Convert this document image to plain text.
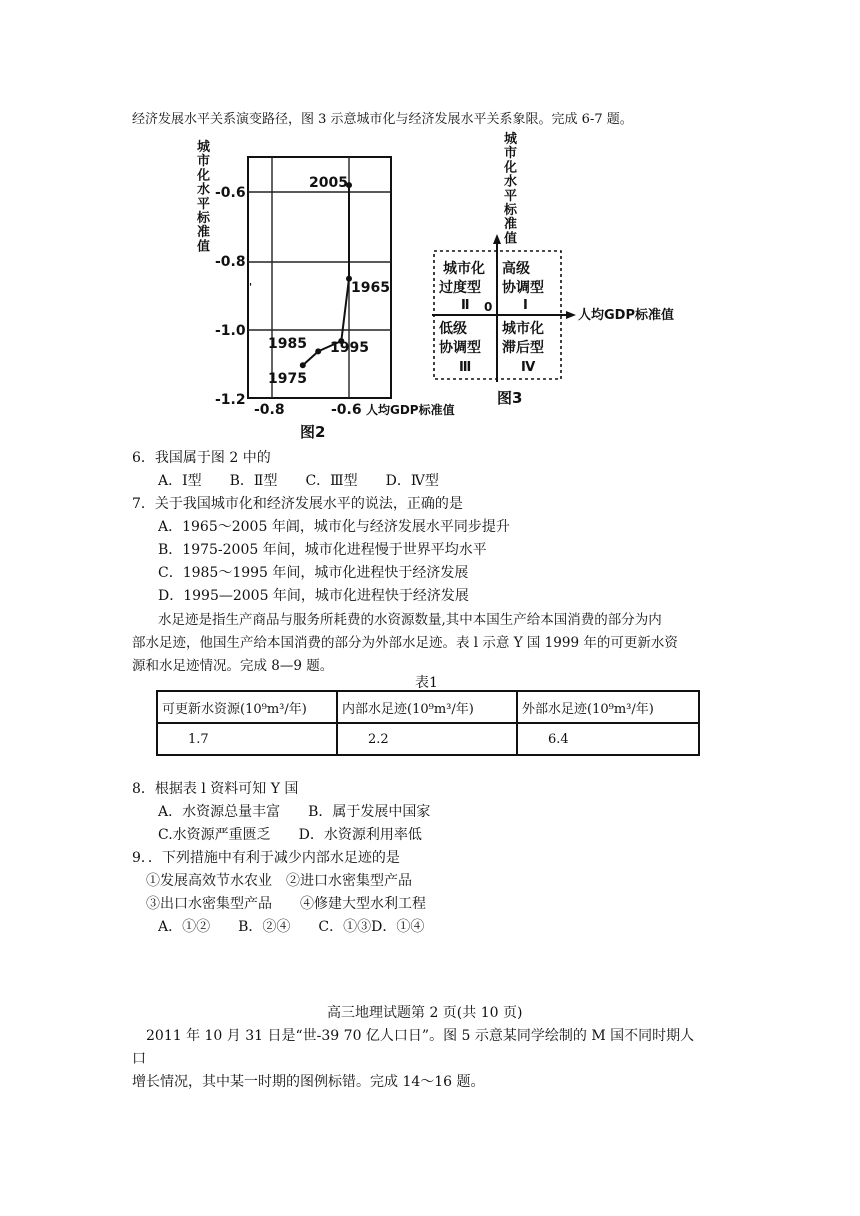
经济发展水平关系演变路径，图 3 示意城市化与经济发展水平关系象限。完成 6-7 题。
城
市
化
水
平
标
准
值
-0.6
-0.8
-1.0
-1.2
-0.8	-0.6 人均GDP标准值
图2
2005
1965
1995
1985
1975
'
城
市
化
水
平
标
准
值
人均GDP标准值
0
城市化
过度型
Ⅱ
高级
协调型
Ⅰ
低级
协调型
Ⅲ
城市化
滞后型
Ⅳ
图3
6．我国属于图 2 中的
A．Ⅰ型　　B．Ⅱ型　　C．Ⅲ型　　D．Ⅳ型
7．关于我国城市化和经济发展水平的说法，正确的是
A．1965～2005 年阊，城市化与经济发展水平同步提升
B．1975-2005 年间，城市化进程慢于世界平均水平
C．1985～1995 年间，城市化进程快于经济发展
D．1995—2005 年间，城市化进程快于经济发展
水足迹是指生产商品与服务所耗费的水资源数量,其中本国生产给本国消费的部分为内
部水足迹，他国生产给本国消费的部分为外部水足迹。表 l 示意 Y 国 1999 年的可更新水资
源和水足迹情况。完成 8—9 题。
表1
可更新水资源(10⁹m³/年)	内部水足迹(10⁹m³/年)	外部水足迹(10⁹m³/年)
1.7	2.2	6.4
8．根据表 l 资料可知 Y 国
A．水资源总量丰富　　B．属于发展中国家
C.水资源严重匮乏　　D．水资源利用率低
9．．下列措施中有利于减少内部水足迹的是
①发展高效节水农业　②进口水密集型产品
③出口水密集型产品　　④修建大型水利工程
A．①②　　B．②④　　C．①③D．①④
高三地理试题第 2 页(共 10 页)
2011 年 10 月 31 日是“世-39 70 亿人口日”。图 5 示意某同学绘制的 M 国不同时期人
口
增长情况，其中某一时期的图例标错。完成 14～16 题。
